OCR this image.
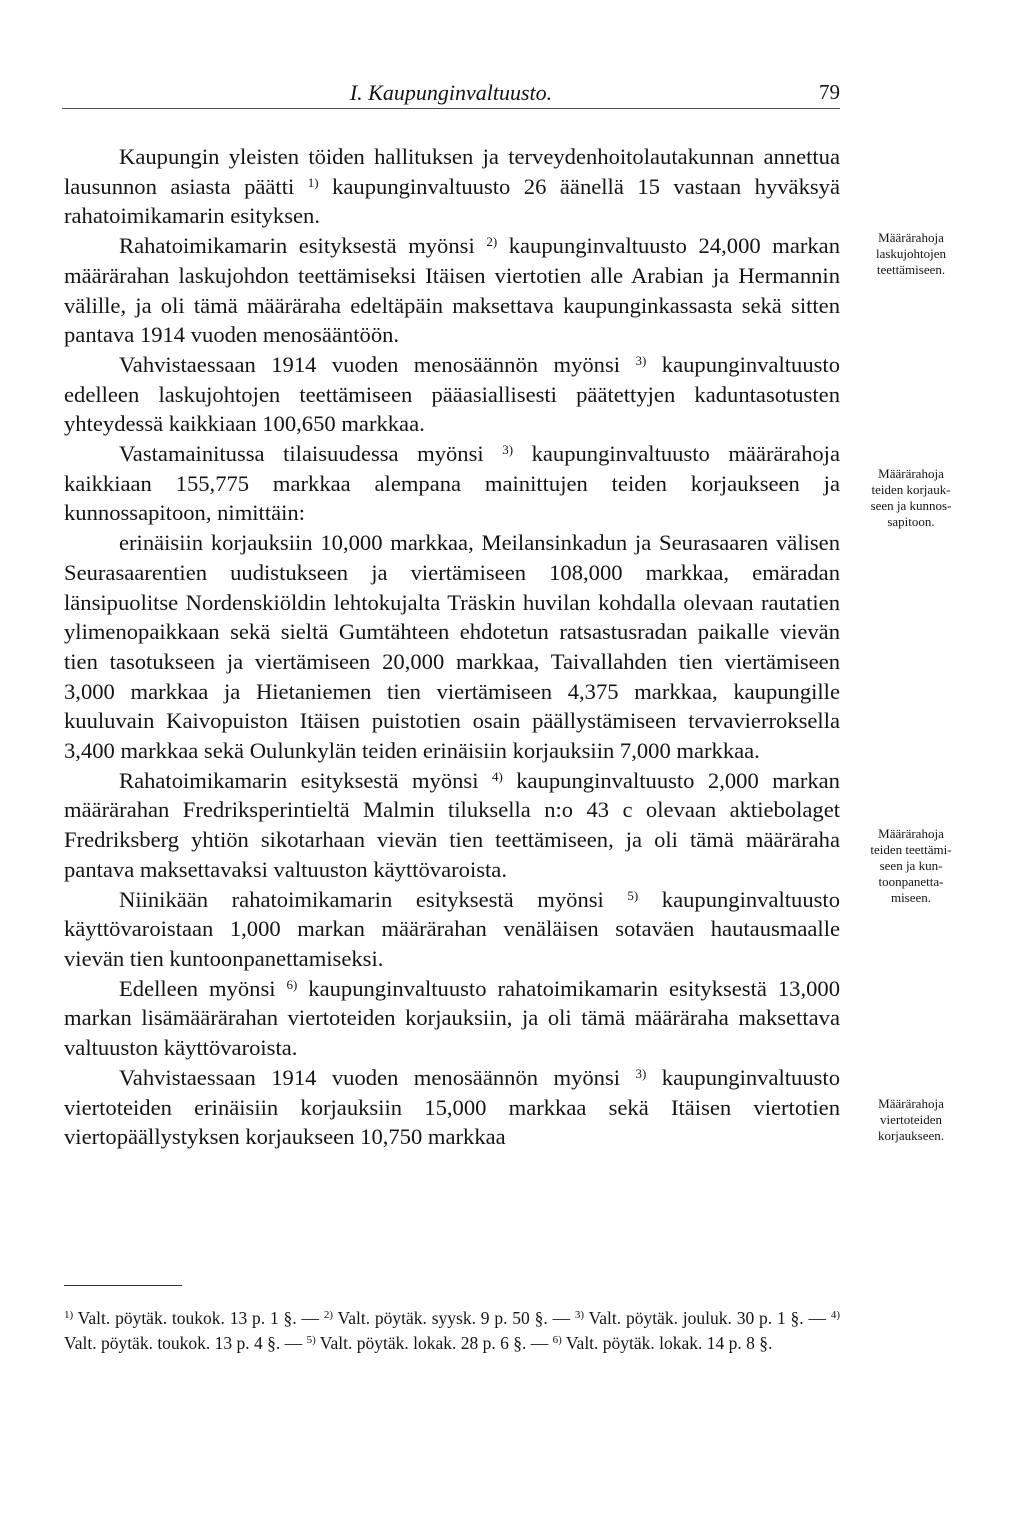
I. Kaupunginvaltuusto.	79

Kaupungin yleisten töiden hallituksen ja terveydenhoitolautakunnan annettua lausunnon asiasta päätti $^{1)}$ kaupunginvaltuusto 26 äänellä 15 vastaan hyväksyä rahatoimikamarin esityksen.

Rahatoimikamarin esityksestä myönsi $^{2)}$ kaupunginvaltuusto 24,000 markan määrärahan laskujohdon teettämiseksi Itäisen viertotien alle Arabian ja Hermannin välille, ja oli tämä määräraha edeltäpäin maksettava kaupunginkassasta sekä sitten pantava 1914 vuoden menosääntöön.

Vahvistaessaan 1914 vuoden menosäännön myönsi $^{3)}$ kaupunginvaltuusto edelleen laskujohtojen teettämiseen pääasiallisesti päätettyjen kaduntasotusten yhteydessä kaikkiaan 100,650 markkaa.

Vastamainitussa tilaisuudessa myönsi $^{3)}$ kaupunginvaltuusto määrärahoja kaikkiaan 155,775 markkaa alempana mainittujen teiden korjaukseen ja kunnossapitoon, nimittäin:

erinäisiin korjauksiin 10,000 markkaa, Meilansinkadun ja Seurasaaren välisen Seurasaarentien uudistukseen ja viertämiseen 108,000 markkaa, emäradan länsipuolitse Nordenskiöldin lehtokujalta Träskin huvilan kohdalla olevaan rautatien ylimenopaikkaan sekä sieltä Gumtähteen ehdotetun ratsastusradan paikalle vievän tien tasotukseen ja viertämiseen 20,000 markkaa, Taivallahden tien viertämiseen 3,000 markkaa ja Hietaniemen tien viertämiseen 4,375 markkaa, kaupungille kuuluvain Kaivopuiston Itäisen puistotien osain päällystämiseen tervavierroksella 3,400 markkaa sekä Oulunkylän teiden erinäisiin korjauksiin 7,000 markkaa.

Rahatoimikamarin esityksestä myönsi $^{4)}$ kaupunginvaltuusto 2,000 markan määrärahan Fredriksperintieltä Malmin tiluksella n:o 43 c olevaan aktiebolaget Fredriksberg yhtiön sikotarhaan vievän tien teettämiseen, ja oli tämä määräraha pantava maksettavaksi valtuuston käyttövaroista.

Niinikään rahatoimikamarin esityksestä myönsi $^{5)}$ kaupunginvaltuusto käyttövaroistaan 1,000 markan määrärahan venäläisen sotaväen hautausmaalle vievän tien kuntoonpanettamiseksi.

Edelleen myönsi $^{6)}$ kaupunginvaltuusto rahatoimikamarin esityksestä 13,000 markan lisämäärärahan viertoteiden korjauksiin, ja oli tämä määräraha maksettava valtuuston käyttövaroista.

Vahvistaessaan 1914 vuoden menosäännön myönsi $^{3)}$ kaupunginvaltuusto viertoteiden erinäisiin korjauksiin 15,000 markkaa sekä Itäisen viertotien viertopäällystyksen korjaukseen 10,750 markkaa

Määrärahoja
laskujohtojen
teettämiseen.
Määrärahoja
teiden korjauk-
seen ja kunnos-
sapitoon.
Määrärahoja
teiden teettämi-
seen ja kun-
toonpanetta-
miseen.
Määrärahoja
viertoteiden
korjaukseen.
$^{1)}$ Valt. pöytäk. toukok. 13 p. 1 §. — $^{2)}$ Valt. pöytäk. syysk. 9 p. 50 §. — $^{3)}$ Valt. pöytäk. jouluk. 30 p. 1 §. — $^{4)}$ Valt. pöytäk. toukok. 13 p. 4 §. — $^{5)}$ Valt. pöytäk. lokak. 28 p. 6 §. — $^{6)}$ Valt. pöytäk. lokak. 14 p. 8 §.
